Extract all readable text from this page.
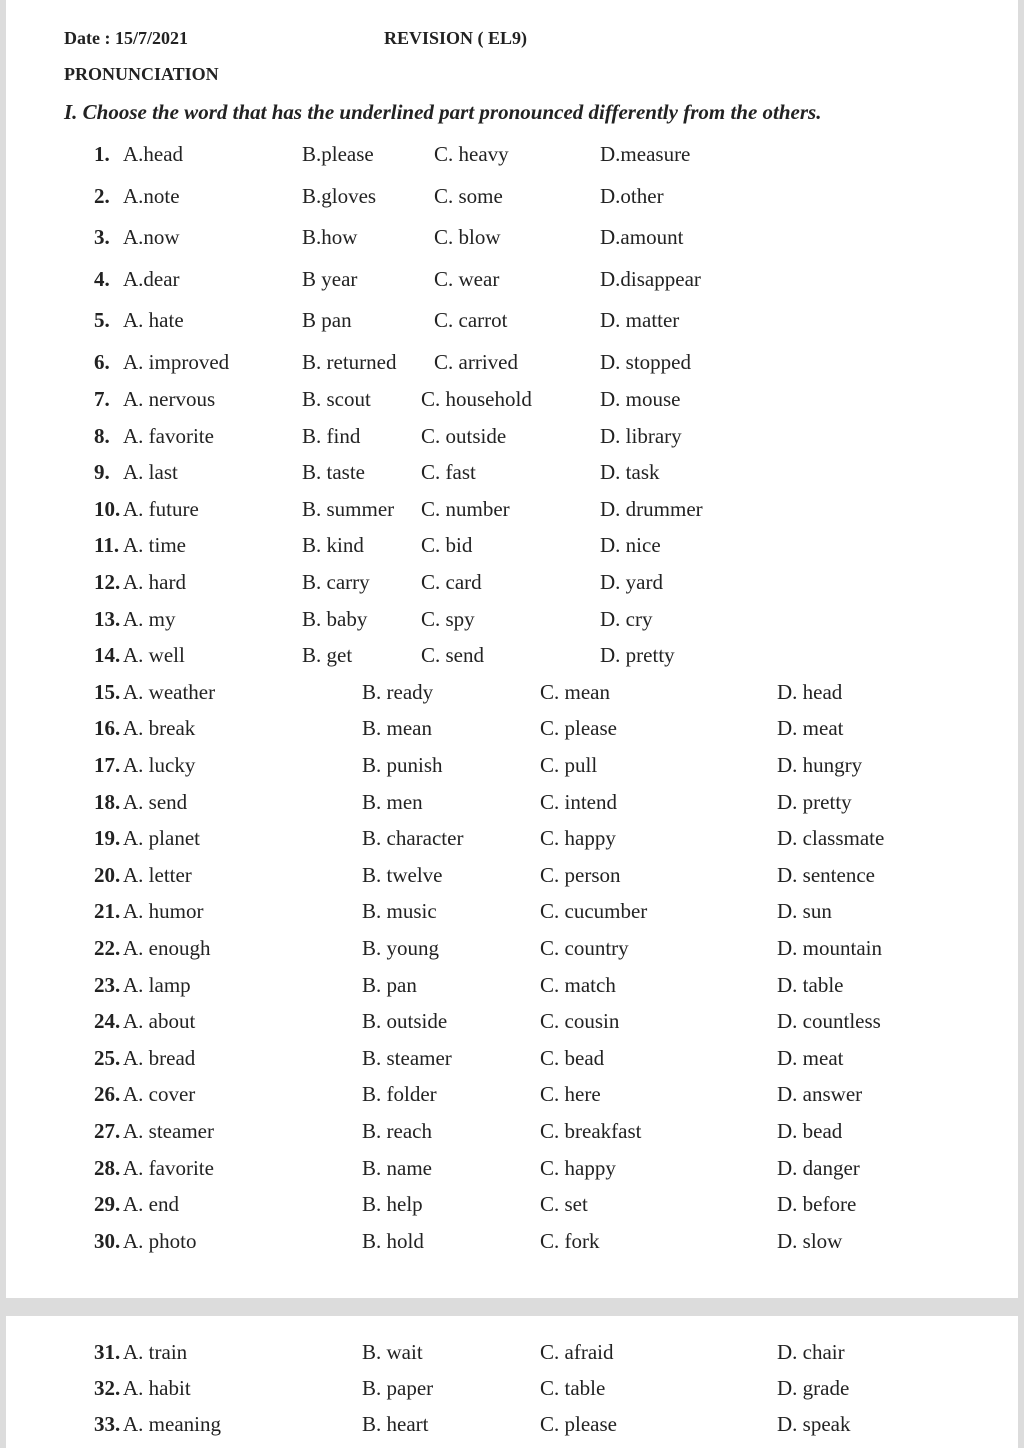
Date : 15/7/2021	REVISION ( EL9)
PRONUNCIATION
I. Choose the word that has the underlined part pronounced differently from the others.
1. A.head	B.please	C. heavy	D.measure
2. A.note	B.gloves	C. some	D.other
3. A.now	B.how	C. blow	D.amount
4. A.dear	B year	C. wear	D.disappear
5. A. hate	B pan	C. carrot	D. matter
6. A. improved	B. returned C. arrived	D. stopped
7. A. nervous	B. scout C. household	D. mouse
8. A. favorite	B. find	C. outside	D. library
9. A. last	B. taste	C. fast	D. task
10. A. future	B. summer C. number	D. drummer
11. A. time	B. kind	C. bid	D. nice
12. A. hard	B. carry C. card	D. yard
13. A. my	B. baby	C. spy	D. cry
14. A. well	B. get	C. send	D. pretty
15. A. weather	B. ready	C. mean	D. head
16. A. break	B. mean	C. please	D. meat
17. A. lucky	B. punish	C. pull	D. hungry
18. A. send	B. men	C. intend	D. pretty
19. A. planet	B. character	C. happy	D. classmate
20. A. letter	B. twelve	C. person	D. sentence
21. A. humor	B. music	C. cucumber	D. sun
22. A. enough	B. young	C. country	D. mountain
23. A. lamp	B. pan	C. match	D. table
24. A. about	B. outside	C. cousin	D. countless
25. A. bread	B. steamer	C. bead	D. meat
26. A. cover	B. folder	C. here	D. answer
27. A. steamer	B. reach	C. breakfast	D. bead
28. A. favorite	B. name	C. happy	D. danger
29. A. end	B. help	C. set	D. before
30. A. photo	B. hold	C. fork	D. slow
31. A. train	B. wait	C. afraid	D. chair
32. A. habit	B. paper	C. table	D. grade
33. A. meaning	B. heart	C. please	D. speak
